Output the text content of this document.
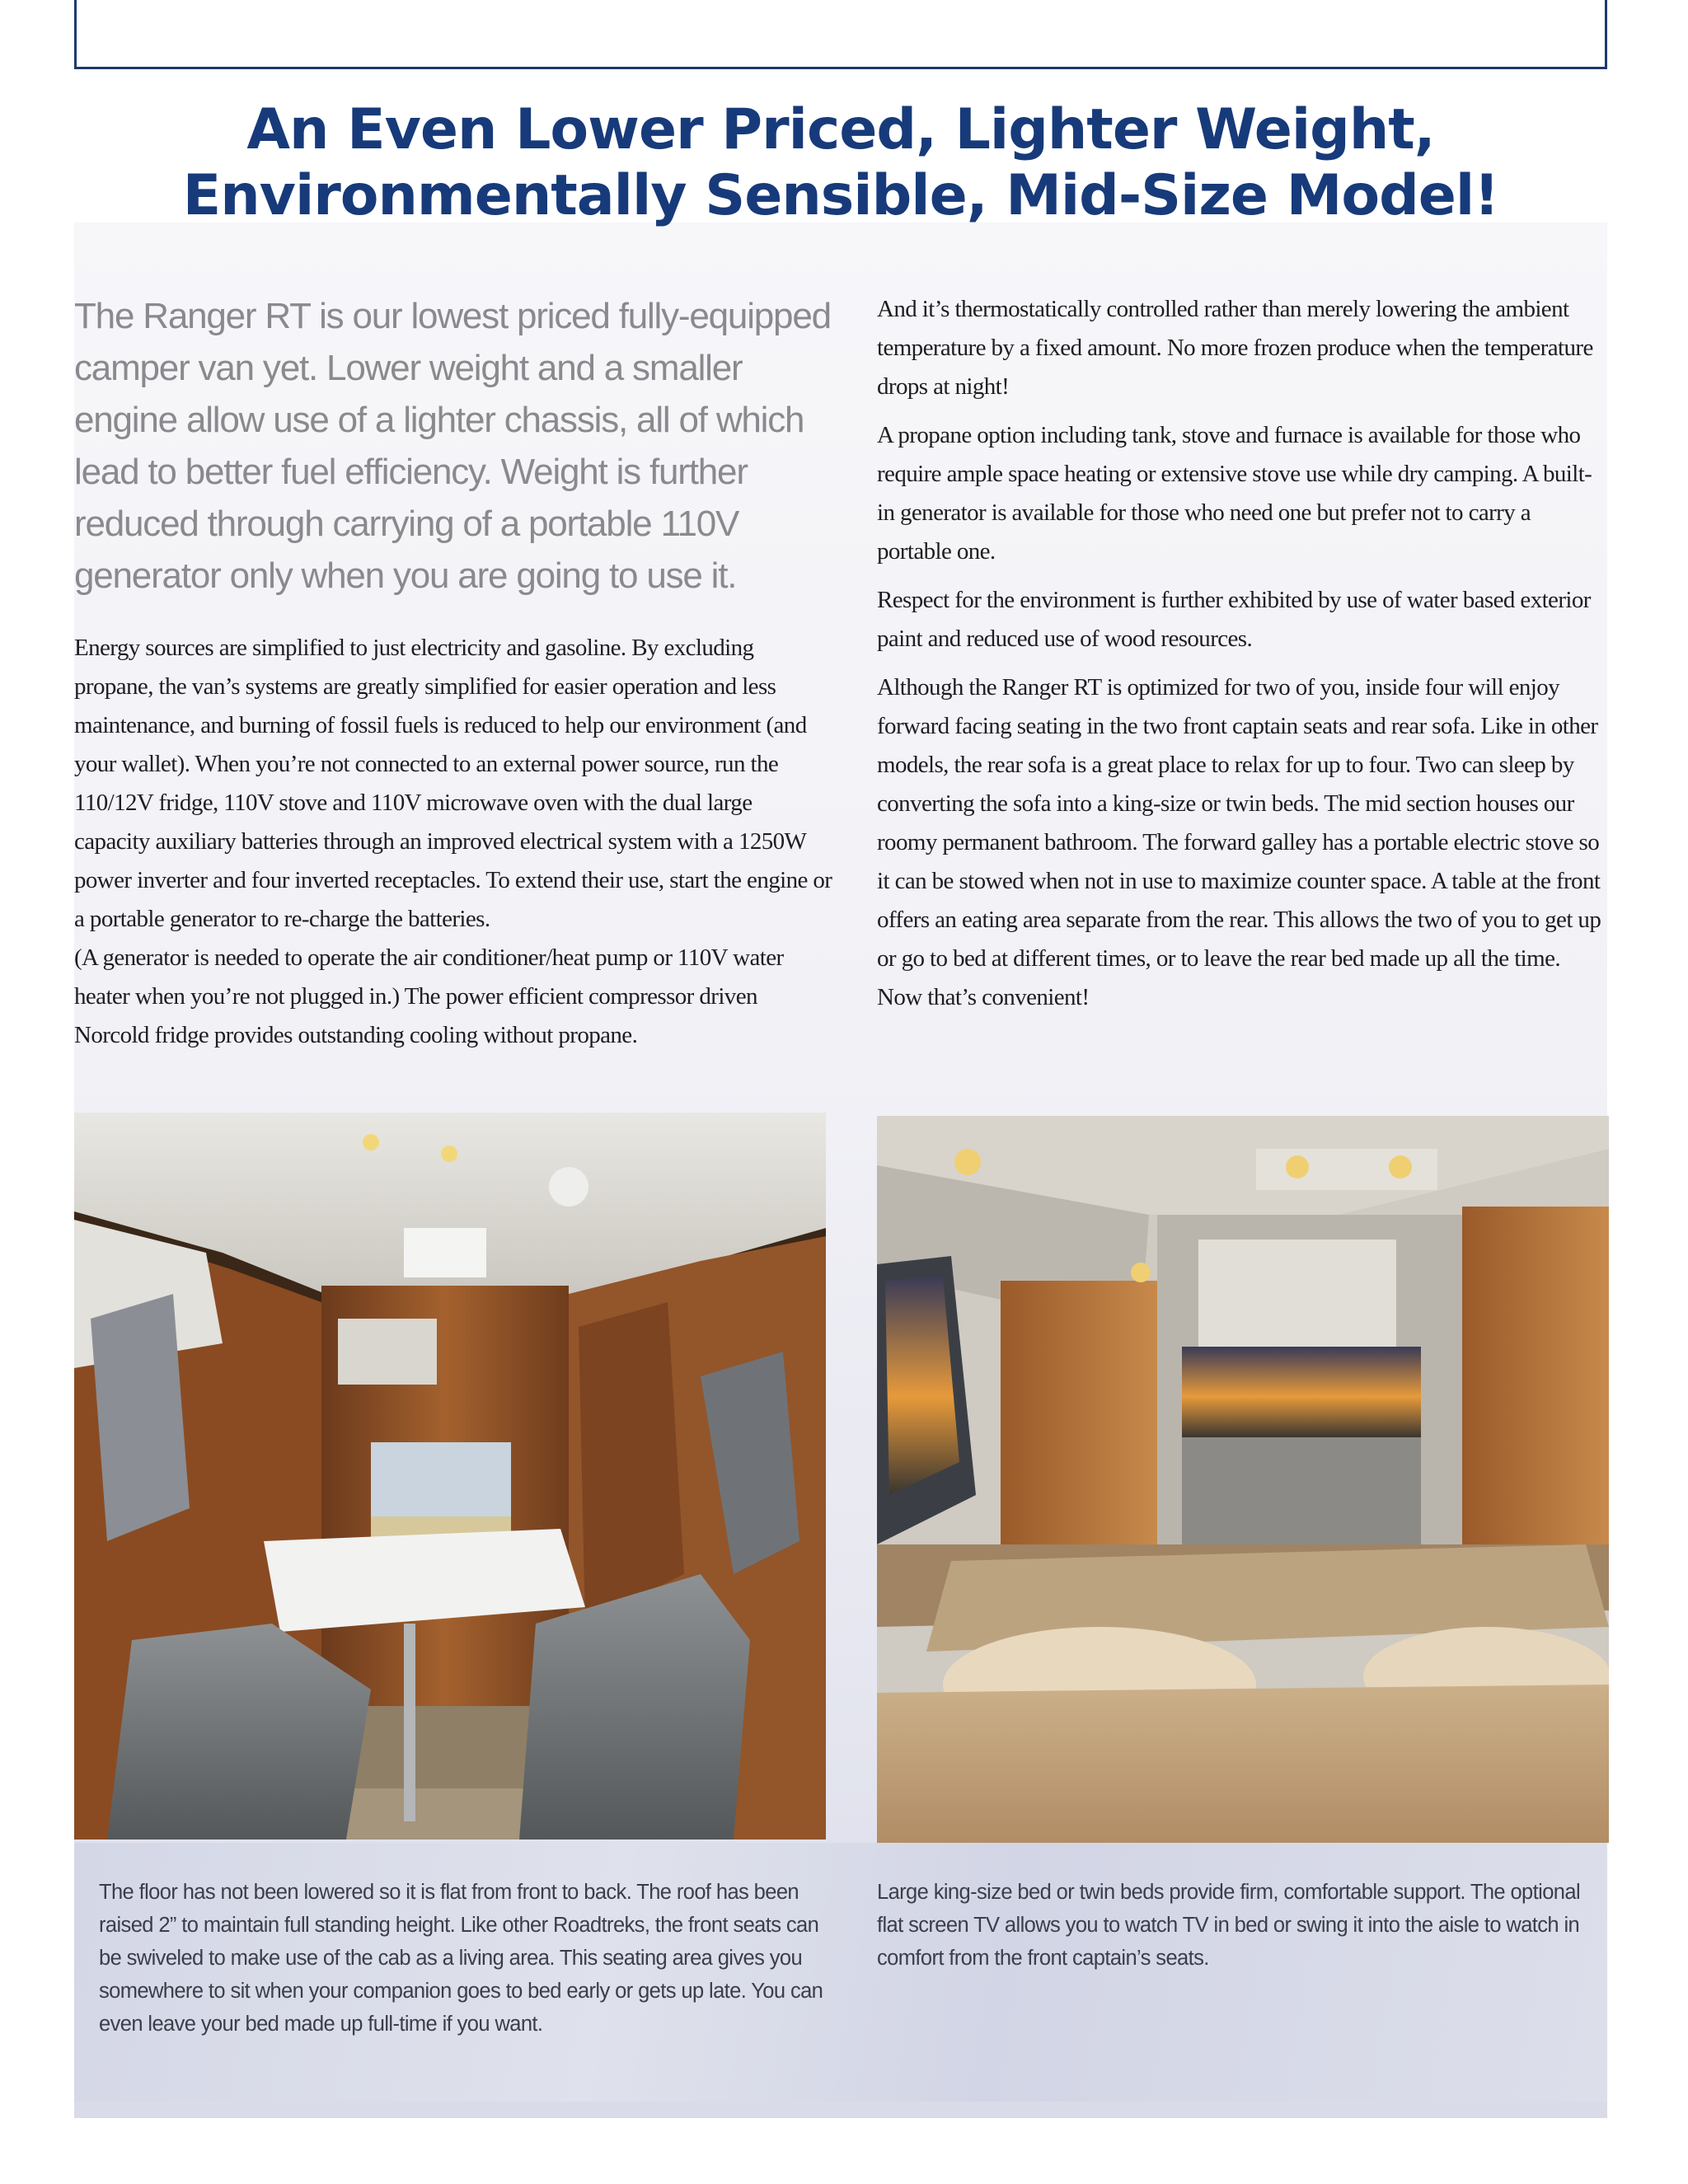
An Even Lower Priced, Lighter Weight,
Environmentally Sensible, Mid-Size Model!
The Ranger RT is our lowest priced fully-equipped camper van yet. Lower weight and a smaller engine allow use of a lighter chassis, all of which lead to better fuel efficiency. Weight is further reduced through carrying of a portable 110V generator only when you are going to use it.

Energy sources are simplified to just electricity and gasoline. By excluding propane, the van’s systems are greatly simplified for easier operation and less maintenance, and burning of fossil fuels is reduced to help our environment (and your wallet). When you’re not connected to an external power source, run the 110/12V fridge, 110V stove and 110V microwave oven with the dual large capacity auxiliary batteries through an improved electrical system with a 1250W power inverter and four inverted receptacles. To extend their use, start the engine or a portable generator to re-charge the batteries.

(A generator is needed to operate the air conditioner/heat pump or 110V water heater when you’re not plugged in.) The power efficient compressor driven Norcold fridge provides outstanding cooling without propane.

And it’s thermostatically controlled rather than merely lowering the ambient temperature by a fixed amount. No more frozen produce when the temperature drops at night!

A propane option including tank, stove and furnace is available for those who require ample space heating or extensive stove use while dry camping. A built-in generator is available for those who need one but prefer not to carry a portable one.

Respect for the environment is further exhibited by use of water based exterior paint and reduced use of wood resources.

Although the Ranger RT is optimized for two of you, inside four will enjoy forward facing seating in the two front captain seats and rear sofa. Like in other models, the rear sofa is a great place to relax for up to four. Two can sleep by converting the sofa into a king-size or twin beds. The mid section houses our roomy permanent bathroom. The forward galley has a portable electric stove so it can be stowed when not in use to maximize counter space. A table at the front offers an eating area separate from the rear. This allows the two of you to get up or go to bed at different times, or to leave the rear bed made up all the time. Now that’s convenient!

The floor has not been lowered so it is flat from front to back. The roof has been raised 2” to maintain full standing height. Like other Roadtreks, the front seats can be swiveled to make use of the cab as a living area. This seating area gives you somewhere to sit when your companion goes to bed early or gets up late. You can even leave your bed made up full-time if you want.
Large king-size bed or twin beds provide firm, comfortable support. The optional flat screen TV allows you to watch TV in bed or swing it into the aisle to watch in comfort from the front captain’s seats.
